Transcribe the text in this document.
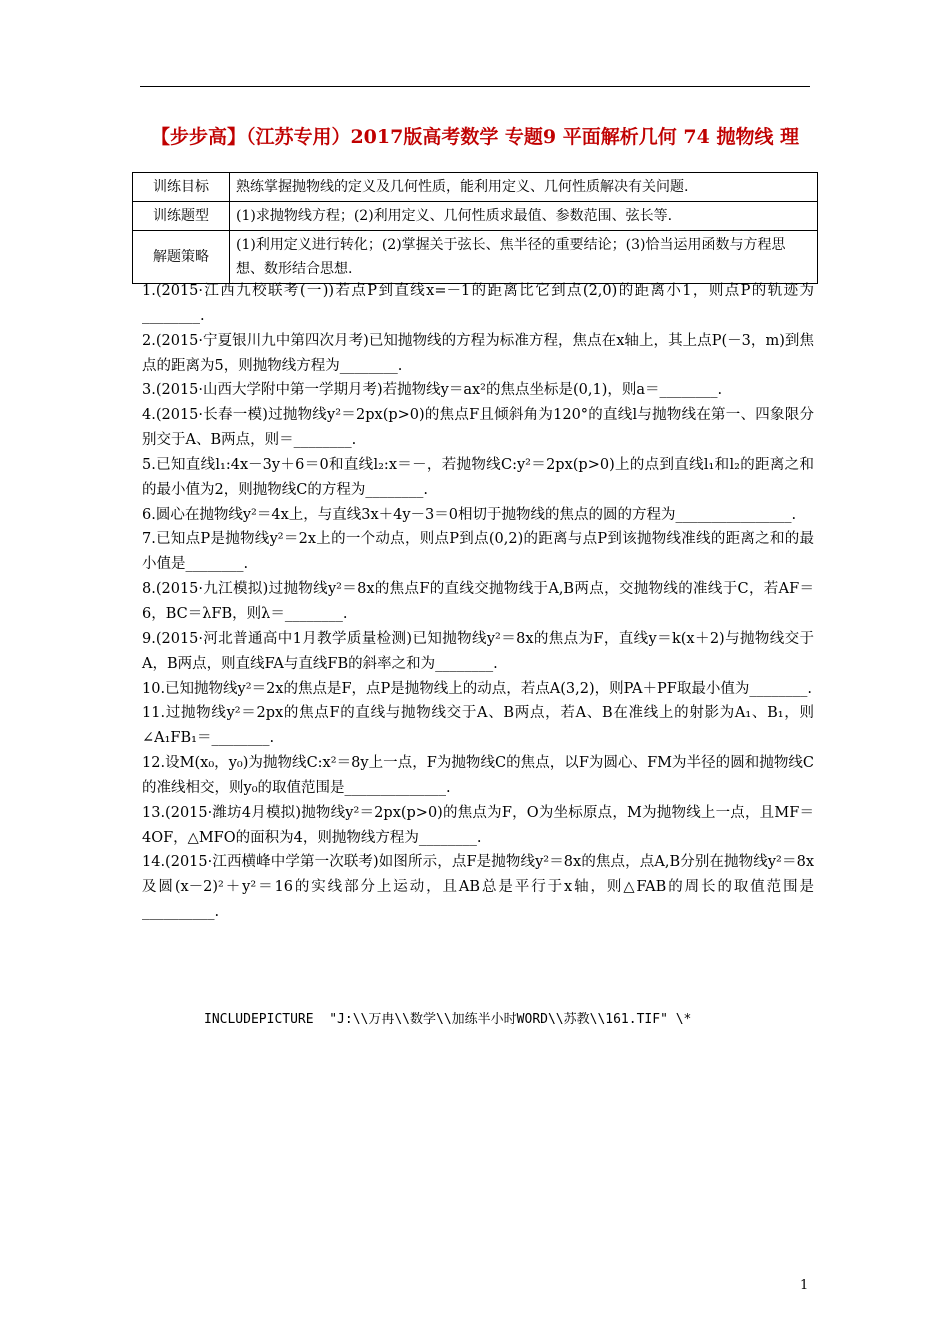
【步步高】（江苏专用）2017版高考数学 专题9 平面解析几何 74 抛物线 理
训练目标	熟练掌握抛物线的定义及几何性质，能利用定义、几何性质解决有关问题.
训练题型	(1)求抛物线方程；(2)利用定义、几何性质求最值、参数范围、弦长等.
解题策略	(1)利用定义进行转化；(2)掌握关于弦长、焦半径的重要结论；(3)恰当运用函数与方程思想、数形结合思想.

1.(2015·江西九校联考(一))若点P到直线x=－1的距离比它到点(2,0)的距离小1，则点P的轨迹为________.

2.(2015·宁夏银川九中第四次月考)已知抛物线的方程为标准方程，焦点在x轴上，其上点P(－3，m)到焦点的距离为5，则抛物线方程为________.

3.(2015·山西大学附中第一学期月考)若抛物线y＝ax²的焦点坐标是(0,1)，则a＝________.

4.(2015·长春一模)过抛物线y²＝2px(p>0)的焦点F且倾斜角为120°的直线l与抛物线在第一、四象限分别交于A、B两点，则＝________.

5.已知直线l₁:4x－3y＋6＝0和直线l₂:x＝－，若抛物线C:y²＝2px(p>0)上的点到直线l₁和l₂的距离之和的最小值为2，则抛物线C的方程为________.

6.圆心在抛物线y²＝4x上，与直线3x＋4y－3＝0相切于抛物线的焦点的圆的方程为________________.

7.已知点P是抛物线y²＝2x上的一个动点，则点P到点(0,2)的距离与点P到该抛物线准线的距离之和的最小值是________.

8.(2015·九江模拟)过抛物线y²＝8x的焦点F的直线交抛物线于A,B两点，交抛物线的准线于C，若AF＝6，BC＝λFB，则λ＝________.

9.(2015·河北普通高中1月教学质量检测)已知抛物线y²＝8x的焦点为F，直线y＝k(x＋2)与抛物线交于A，B两点，则直线FA与直线FB的斜率之和为________.

10.已知抛物线y²＝2x的焦点是F，点P是抛物线上的动点，若点A(3,2)，则PA＋PF取最小值为________.

11.过抛物线y²＝2px的焦点F的直线与抛物线交于A、B两点，若A、B在准线上的射影为A₁、B₁，则∠A₁FB₁＝________.

12.设M(x₀，y₀)为抛物线C:x²＝8y上一点，F为抛物线C的焦点，以F为圆心、FM为半径的圆和抛物线C的准线相交，则y₀的取值范围是______________.

13.(2015·潍坊4月模拟)抛物线y²＝2px(p>0)的焦点为F，O为坐标原点，M为抛物线上一点，且MF＝4OF，△MFO的面积为4，则抛物线方程为________.

14.(2015·江西横峰中学第一次联考)如图所示，点F是抛物线y²＝8x的焦点，点A,B分别在抛物线y²＝8x及圆(x－2)²＋y²＝16的实线部分上运动，且AB总是平行于x轴，则△FAB的周长的取值范围是__________.

INCLUDEPICTURE  "J:\\万冉\\数学\\加练半小时WORD\\苏教\\161.TIF" \*
1
